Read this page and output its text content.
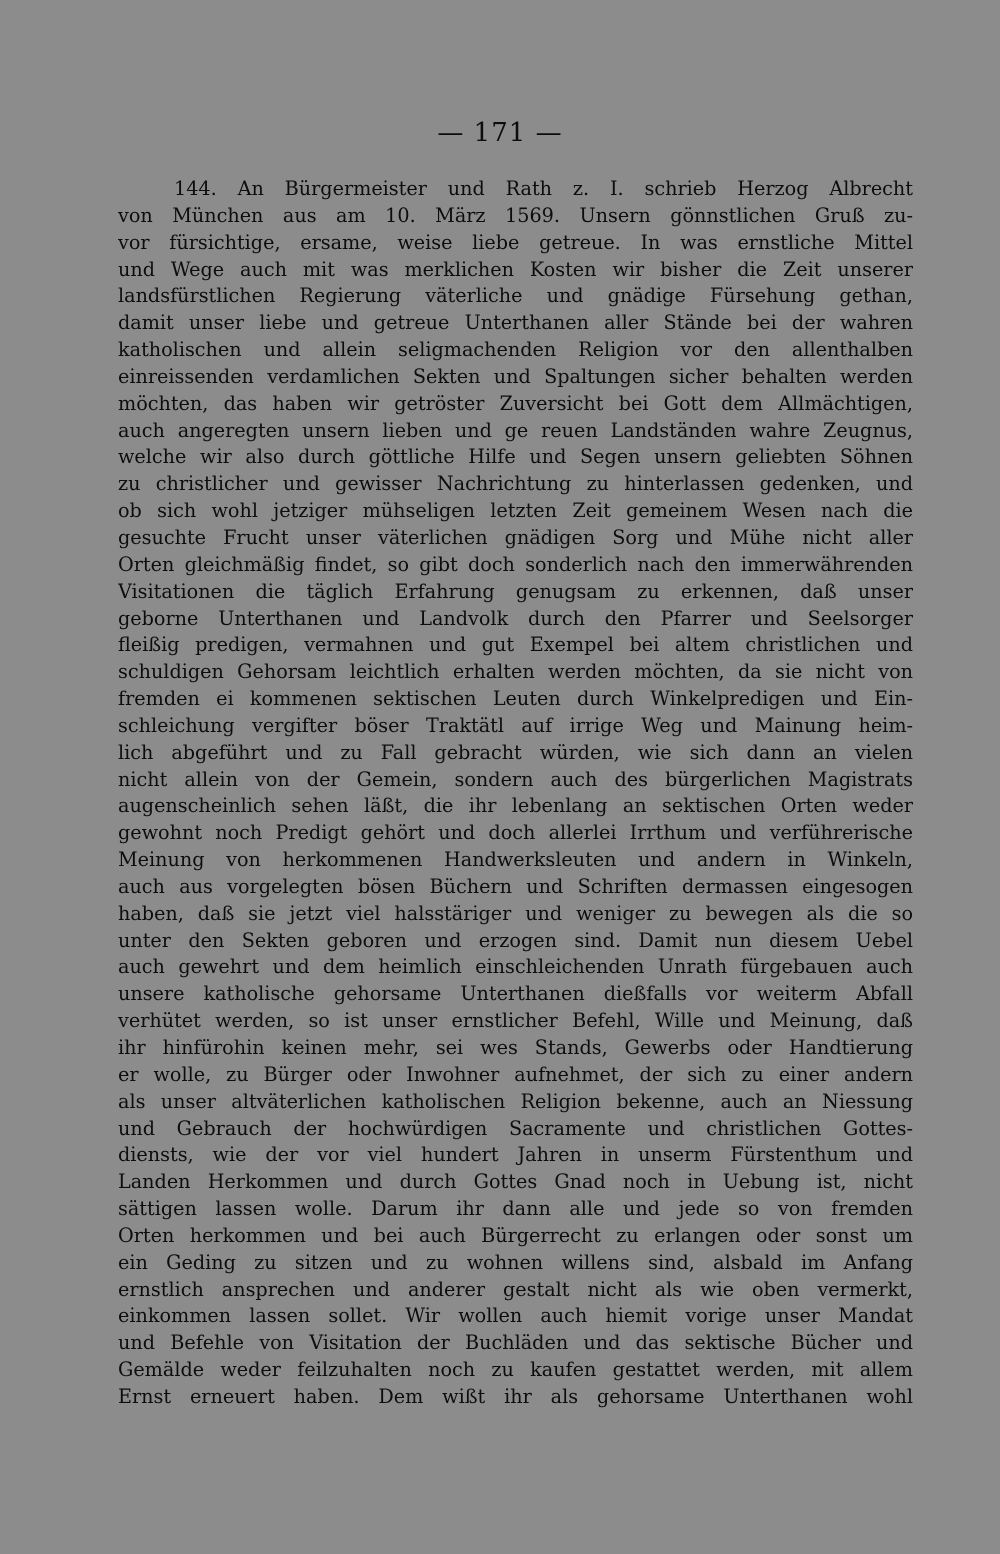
— 171 —
144. An Bürgermeister und Rath z. I. schrieb Herzog Albrecht
von München aus am 10. März 1569. Unsern gönnstlichen Gruß zu-
vor fürsichtige, ersame, weise liebe getreue. In was ernstliche Mittel
und Wege auch mit was merklichen Kosten wir bisher die Zeit unserer
landsfürstlichen Regierung väterliche und gnädige Fürsehung gethan,
damit unser liebe und getreue Unterthanen aller Stände bei der wahren
katholischen und allein seligmachenden Religion vor den allenthalben
einreissenden verdamlichen Sekten und Spaltungen sicher behalten werden
möchten, das haben wir getröster Zuversicht bei Gott dem Allmächtigen,
auch angeregten unsern lieben und ge reuen Landständen wahre Zeugnus,
welche wir also durch göttliche Hilfe und Segen unsern geliebten Söhnen
zu christlicher und gewisser Nachrichtung zu hinterlassen gedenken, und
ob sich wohl jetziger mühseligen letzten Zeit gemeinem Wesen nach die
gesuchte Frucht unser väterlichen gnädigen Sorg und Mühe nicht aller
Orten gleichmäßig findet, so gibt doch sonderlich nach den immerwährenden
Visitationen die täglich Erfahrung genugsam zu erkennen, daß unser
geborne Unterthanen und Landvolk durch den Pfarrer und Seelsorger
fleißig predigen, vermahnen und gut Exempel bei altem christlichen und
schuldigen Gehorsam leichtlich erhalten werden möchten, da sie nicht von
fremden ei kommenen sektischen Leuten durch Winkelpredigen und Ein-
schleichung vergifter böser Traktätl auf irrige Weg und Mainung heim-
lich abgeführt und zu Fall gebracht würden, wie sich dann an vielen
nicht allein von der Gemein, sondern auch des bürgerlichen Magistrats
augenscheinlich sehen läßt, die ihr lebenlang an sektischen Orten weder
gewohnt noch Predigt gehört und doch allerlei Irrthum und verführerische
Meinung von herkommenen Handwerksleuten und andern in Winkeln,
auch aus vorgelegten bösen Büchern und Schriften dermassen eingesogen
haben, daß sie jetzt viel halsstäriger und weniger zu bewegen als die so
unter den Sekten geboren und erzogen sind. Damit nun diesem Uebel
auch gewehrt und dem heimlich einschleichenden Unrath fürgebauen auch
unsere katholische gehorsame Unterthanen dießfalls vor weiterm Abfall
verhütet werden, so ist unser ernstlicher Befehl, Wille und Meinung, daß
ihr hinfürohin keinen mehr, sei wes Stands, Gewerbs oder Handtierung
er wolle, zu Bürger oder Inwohner aufnehmet, der sich zu einer andern
als unser altväterlichen katholischen Religion bekenne, auch an Niessung
und Gebrauch der hochwürdigen Sacramente und christlichen Gottes-
diensts, wie der vor viel hundert Jahren in unserm Fürstenthum und
Landen Herkommen und durch Gottes Gnad noch in Uebung ist, nicht
sättigen lassen wolle. Darum ihr dann alle und jede so von fremden
Orten herkommen und bei auch Bürgerrecht zu erlangen oder sonst um
ein Geding zu sitzen und zu wohnen willens sind, alsbald im Anfang
ernstlich ansprechen und anderer gestalt nicht als wie oben vermerkt,
einkommen lassen sollet. Wir wollen auch hiemit vorige unser Mandat
und Befehle von Visitation der Buchläden und das sektische Bücher und
Gemälde weder feilzuhalten noch zu kaufen gestattet werden, mit allem
Ernst erneuert haben. Dem wißt ihr als gehorsame Unterthanen wohl
